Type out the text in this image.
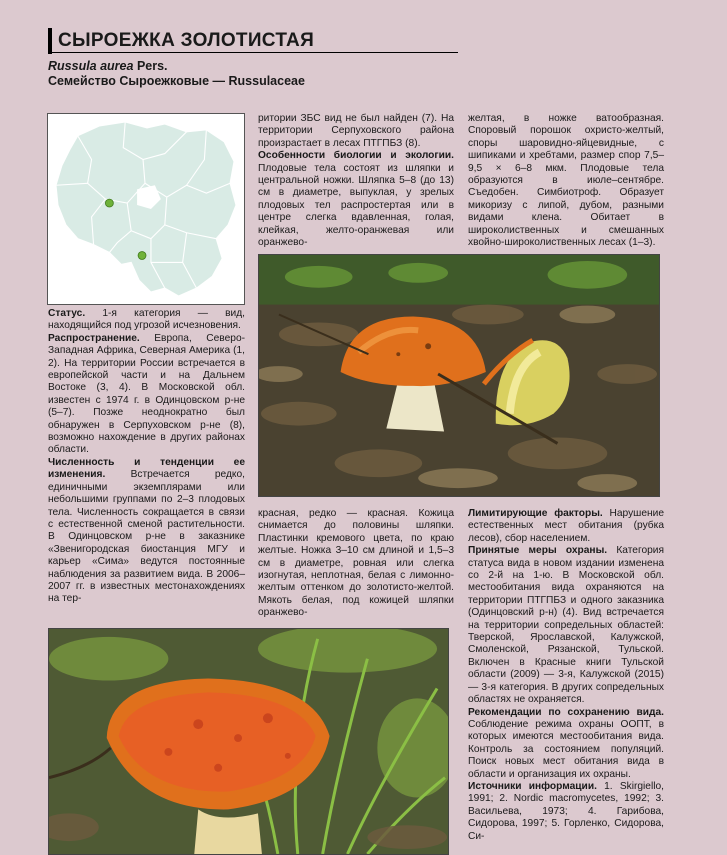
СЫРОЕЖКА ЗОЛОТИСТАЯ
Russula aurea Pers.
Семейство Сыроежковые — Russulaceae

Статус. 1-я категория — вид, находящийся под угрозой исчезновения.

Распространение. Европа, Северо-Западная Африка, Северная Америка (1, 2). На территории России встречается в европейской части и на Дальнем Востоке (3, 4). В Московской обл. известен с 1974 г. в Одинцовском р-не (5–7). Позже неоднократно был обнаружен в Серпуховском р-не (8), возможно нахождение в других районах области.

Численность и тенденции ее изменения. Встречается редко, единичными экземплярами или небольшими группами по 2–3 плодовых тела. Численность сокращается в связи с естественной сменой растительности. В Одинцовском р-не в заказнике «Звенигородская биостанция МГУ и карьер «Сима» ведутся постоянные наблюдения за развитием вида. В 2006–2007 гг. в известных местонахождениях на тер-

ритории ЗБС вид не был найден (7). На территории Серпуховского района произрастает в лесах ПТГПБЗ (8).

Особенности биологии и экологии. Плодовые тела состоят из шляпки и центральной ножки. Шляпка 5–8 (до 13) см в диаметре, выпуклая, у зрелых плодовых тел распростертая или в центре слегка вдавленная, голая, клейкая, желто-оранжевая или оранжево-

желтая, в ножке ватообразная. Споровый порошок охристо-желтый, споры шаровидно-яйцевидные, с шипиками и хребтами, размер спор 7,5–9,5 × 6–8 мкм. Плодовые тела образуются в июле–сентябре. Съедобен. Симбиотроф. Образует микоризу с липой, дубом, разными видами клена. Обитает в широколиственных и смешанных хвойно-широколиственных лесах (1–3).

красная, редко — красная. Кожица снимается до половины шляпки. Пластинки кремового цвета, по краю желтые. Ножка 3–10 см длиной и 1,5–3 см в диаметре, ровная или слегка изогнутая, неплотная, белая с лимонно-желтым оттенком до золотисто-желтой. Мякоть белая, под кожицей шляпки оранжево-

Лимитирующие факторы. Нарушение естественных мест обитания (рубка лесов), сбор населением.

Принятые меры охраны. Категория статуса вида в новом издании изменена со 2-й на 1-ю. В Московской обл. местообитания вида охраняются на территории ПТГПБЗ и одного заказника (Одинцовский р-н) (4). Вид встречается на территории сопредельных областей: Тверской, Ярославской, Калужской, Смоленской, Рязанской, Тульской. Включен в Красные книги Тульской области (2009) — 3-я, Калужской (2015) — 3-я категория. В других сопредельных областях не охраняется.

Рекомендации по сохранению вида. Соблюдение режима охраны ООПТ, в которых имеются местообитания вида. Контроль за состоянием популяций. Поиск новых мест обитания вида в области и организация их охраны.

Источники информации. 1. Skirgiello, 1991; 2. Nordic macromycetes, 1992; 3. Васильева, 1973; 4. Гарибова, Сидорова, 1997; 5. Горленко, Сидорова, Си-
